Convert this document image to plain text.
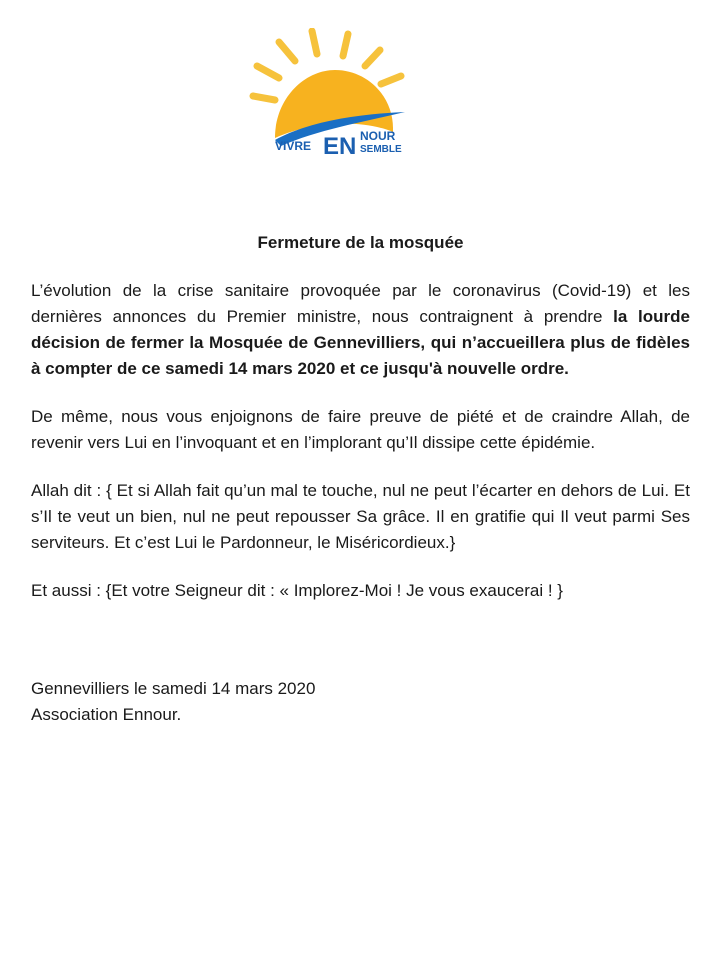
VIVRE EN NOUR
SEMBLE
Fermeture de la mosquée
L’évolution de la crise sanitaire provoquée par le coronavirus (Covid-19) et les dernières annonces du Premier ministre, nous contraignent à prendre la lourde décision de fermer la Mosquée de Gennevilliers, qui n’accueillera plus de fidèles à compter de ce samedi 14 mars 2020 et ce jusqu'à nouvelle ordre.
De même, nous vous enjoignons de faire preuve de piété et de craindre Allah, de revenir vers Lui en l’invoquant et en l’implorant qu’Il dissipe cette épidémie.
Allah dit : { Et si Allah fait qu’un mal te touche, nul ne peut l’écarter en dehors de Lui. Et s’Il te veut un bien, nul ne peut repousser Sa grâce. Il en gratifie qui Il veut parmi Ses serviteurs. Et c’est Lui le Pardonneur, le Miséricordieux.}
Et aussi : {Et votre Seigneur dit : « Implorez-Moi ! Je vous exaucerai ! }
Gennevilliers le samedi 14 mars 2020
Association Ennour.
